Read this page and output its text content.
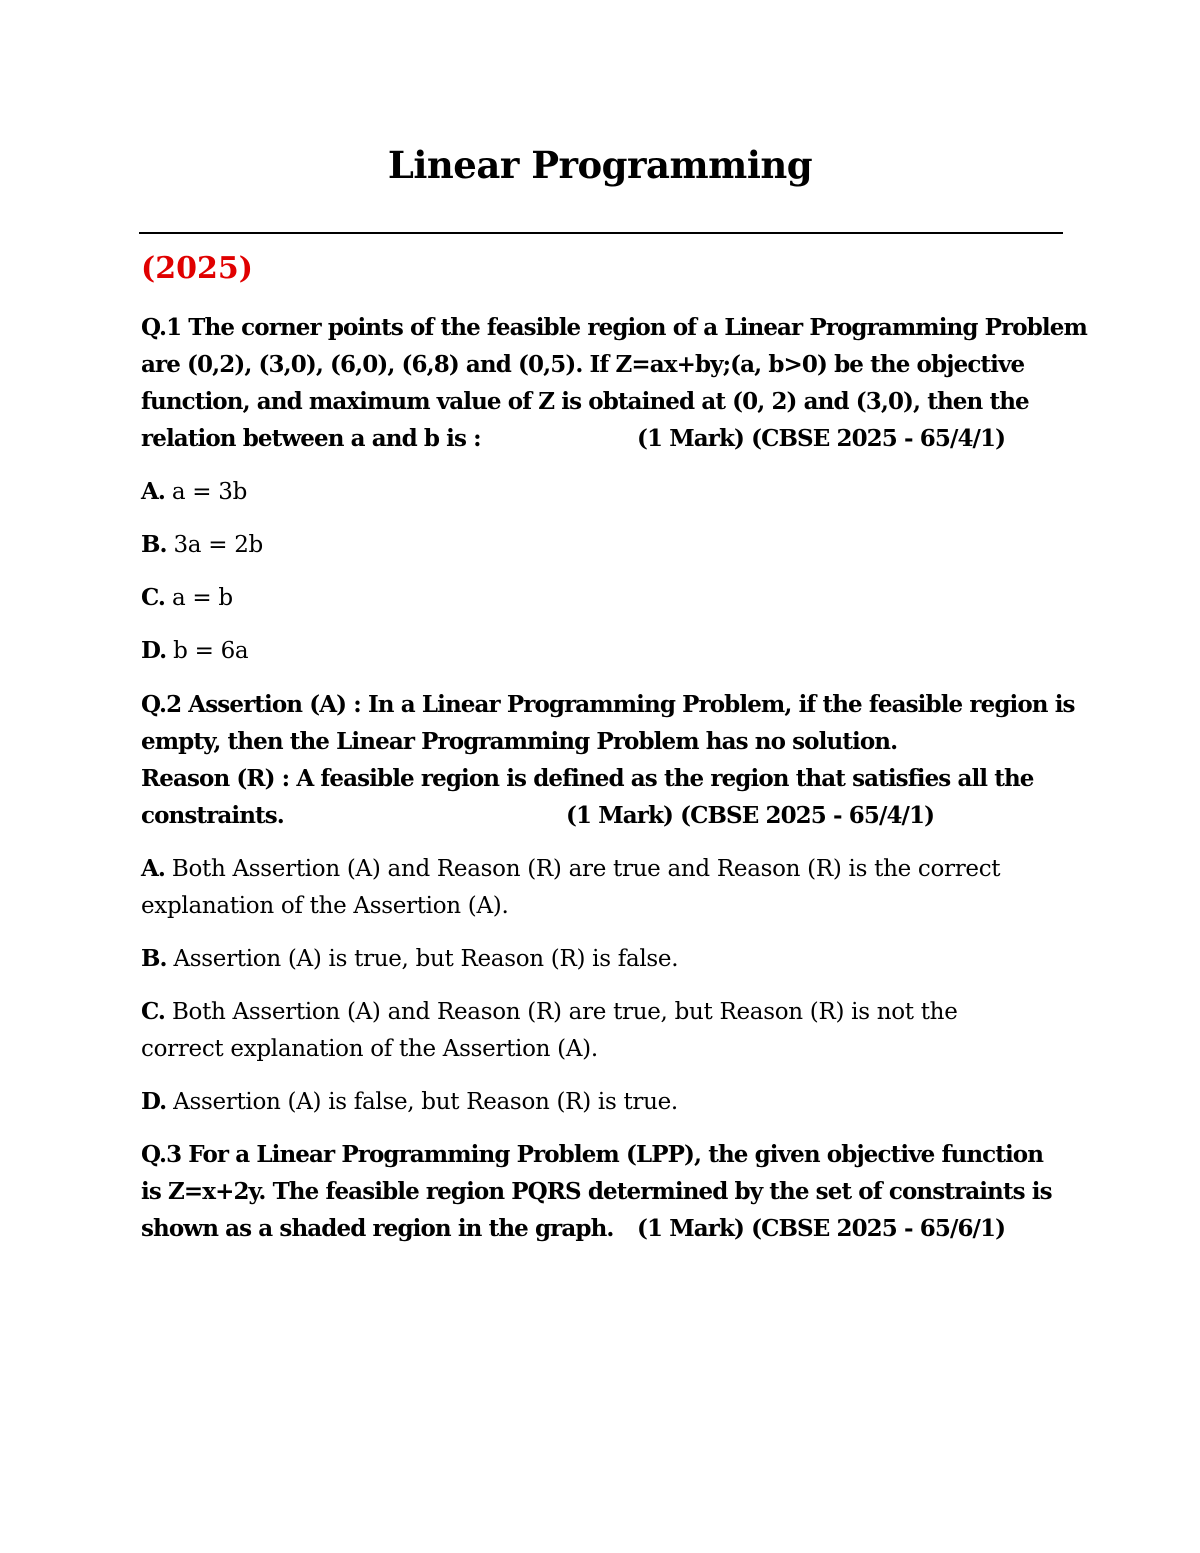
Linear Programming
(2025)
Q.1 The corner points of the feasible region of a Linear Programming Problem
are (0,2), (3,0), (6,0), (6,8) and (0,5). If Z=ax+by;(a, b>0) be the objective
function, and maximum value of Z is obtained at (0, 2) and (3,0), then the
relation between a and b is :	(1 Mark) (CBSE 2025 - 65/4/1)
A. a = 3b
B. 3a = 2b
C. a = b
D. b = 6a
Q.2 Assertion (A) : In a Linear Programming Problem, if the feasible region is
empty, then the Linear Programming Problem has no solution.
Reason (R) : A feasible region is defined as the region that satisfies all the
constraints.	(1 Mark) (CBSE 2025 - 65/4/1)
A. Both Assertion (A) and Reason (R) are true and Reason (R) is the correct
explanation of the Assertion (A).
B. Assertion (A) is true, but Reason (R) is false.
C. Both Assertion (A) and Reason (R) are true, but Reason (R) is not the
correct explanation of the Assertion (A).
D. Assertion (A) is false, but Reason (R) is true.
Q.3 For a Linear Programming Problem (LPP), the given objective function
is Z=x+2y. The feasible region PQRS determined by the set of constraints is
shown as a shaded region in the graph.	(1 Mark) (CBSE 2025 - 65/6/1)
